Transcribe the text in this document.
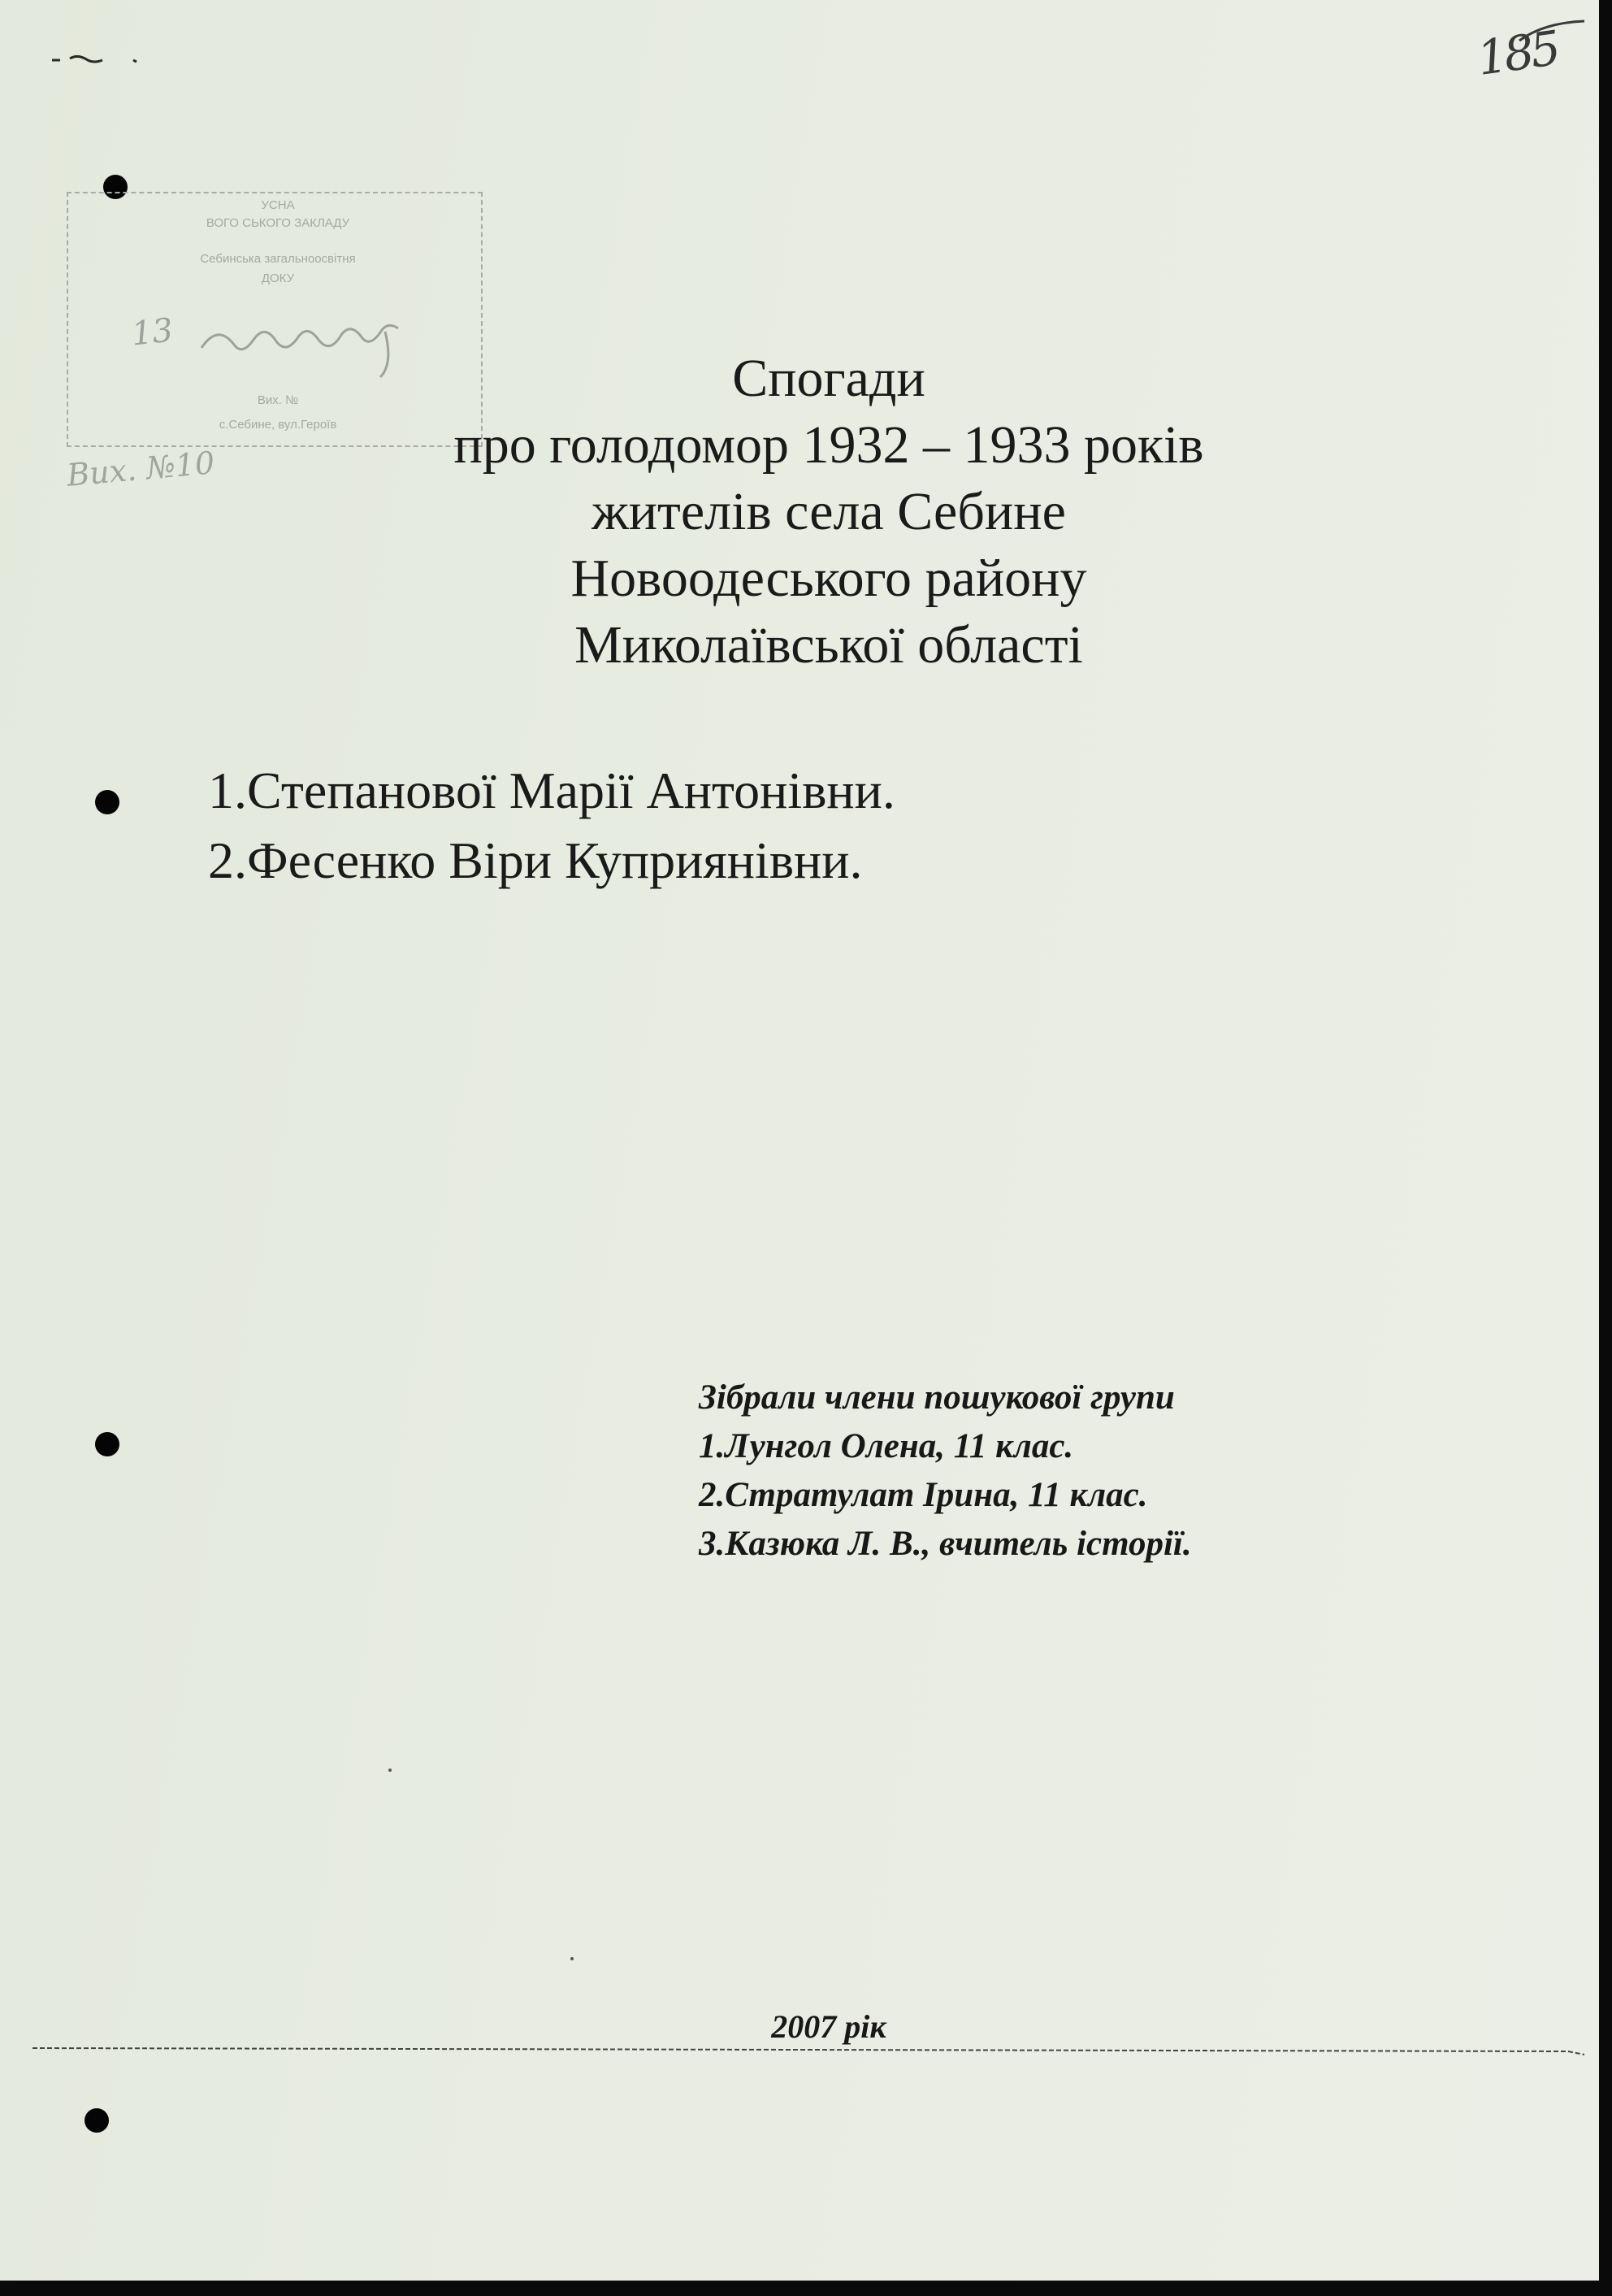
185
УСНА
ВОГО СЬКОГО ЗАКЛАДУ
Себинська загальноосвітня
ДОКУ
Вих. №
с.Себине, вул.Героїв
13
Вих. №10
Спогади
про голодомор 1932 – 1933 років
жителів села Себине
Новоодеського району
Миколаївської області
1.Степанової Марії Антонівни.
2.Фесенко Віри Куприянівни.
Зібрали члени пошукової групи
1.Лунгол Олена, 11 клас.
2.Стратулат Ірина, 11 клас.
3.Казюка Л. В., вчитель історії.
2007 рік
